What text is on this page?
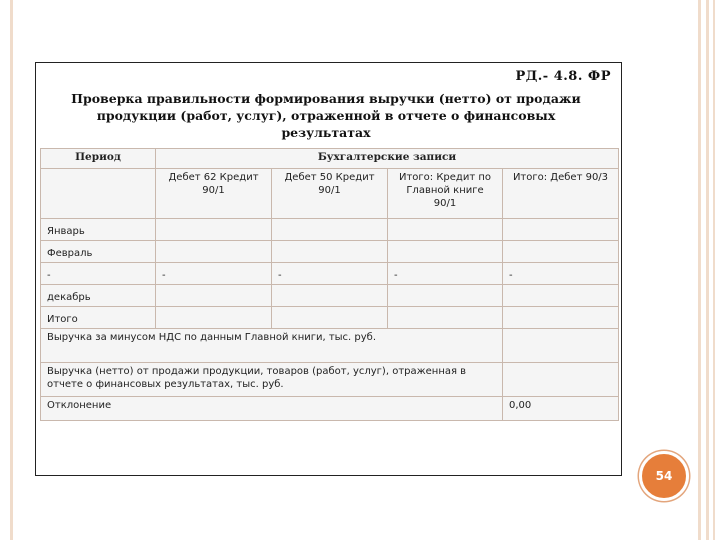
РД.- 4.8. ФР
Проверка правильности формирования выручки (нетто) от продажи продукции (работ, услуг), отраженной в отчете о финансовых результатах
Период	Бухгалтерские записи			
	Дебет 62 Кредит 90/1	Дебет 50 Кредит 90/1	Итого: Кредит по Главной книге 90/1	Итого: Дебет 90/3
Январь				
Февраль				
-	-	-	-	-
декабрь				
Итого				
Выручка за минусом НДС по данным Главной книги, тыс. руб.				
Выручка (нетто) от продажи продукции, товаров (работ, услуг), отраженная в отчете о финансовых результатах, тыс. руб.				
Отклонение				0,00
54
